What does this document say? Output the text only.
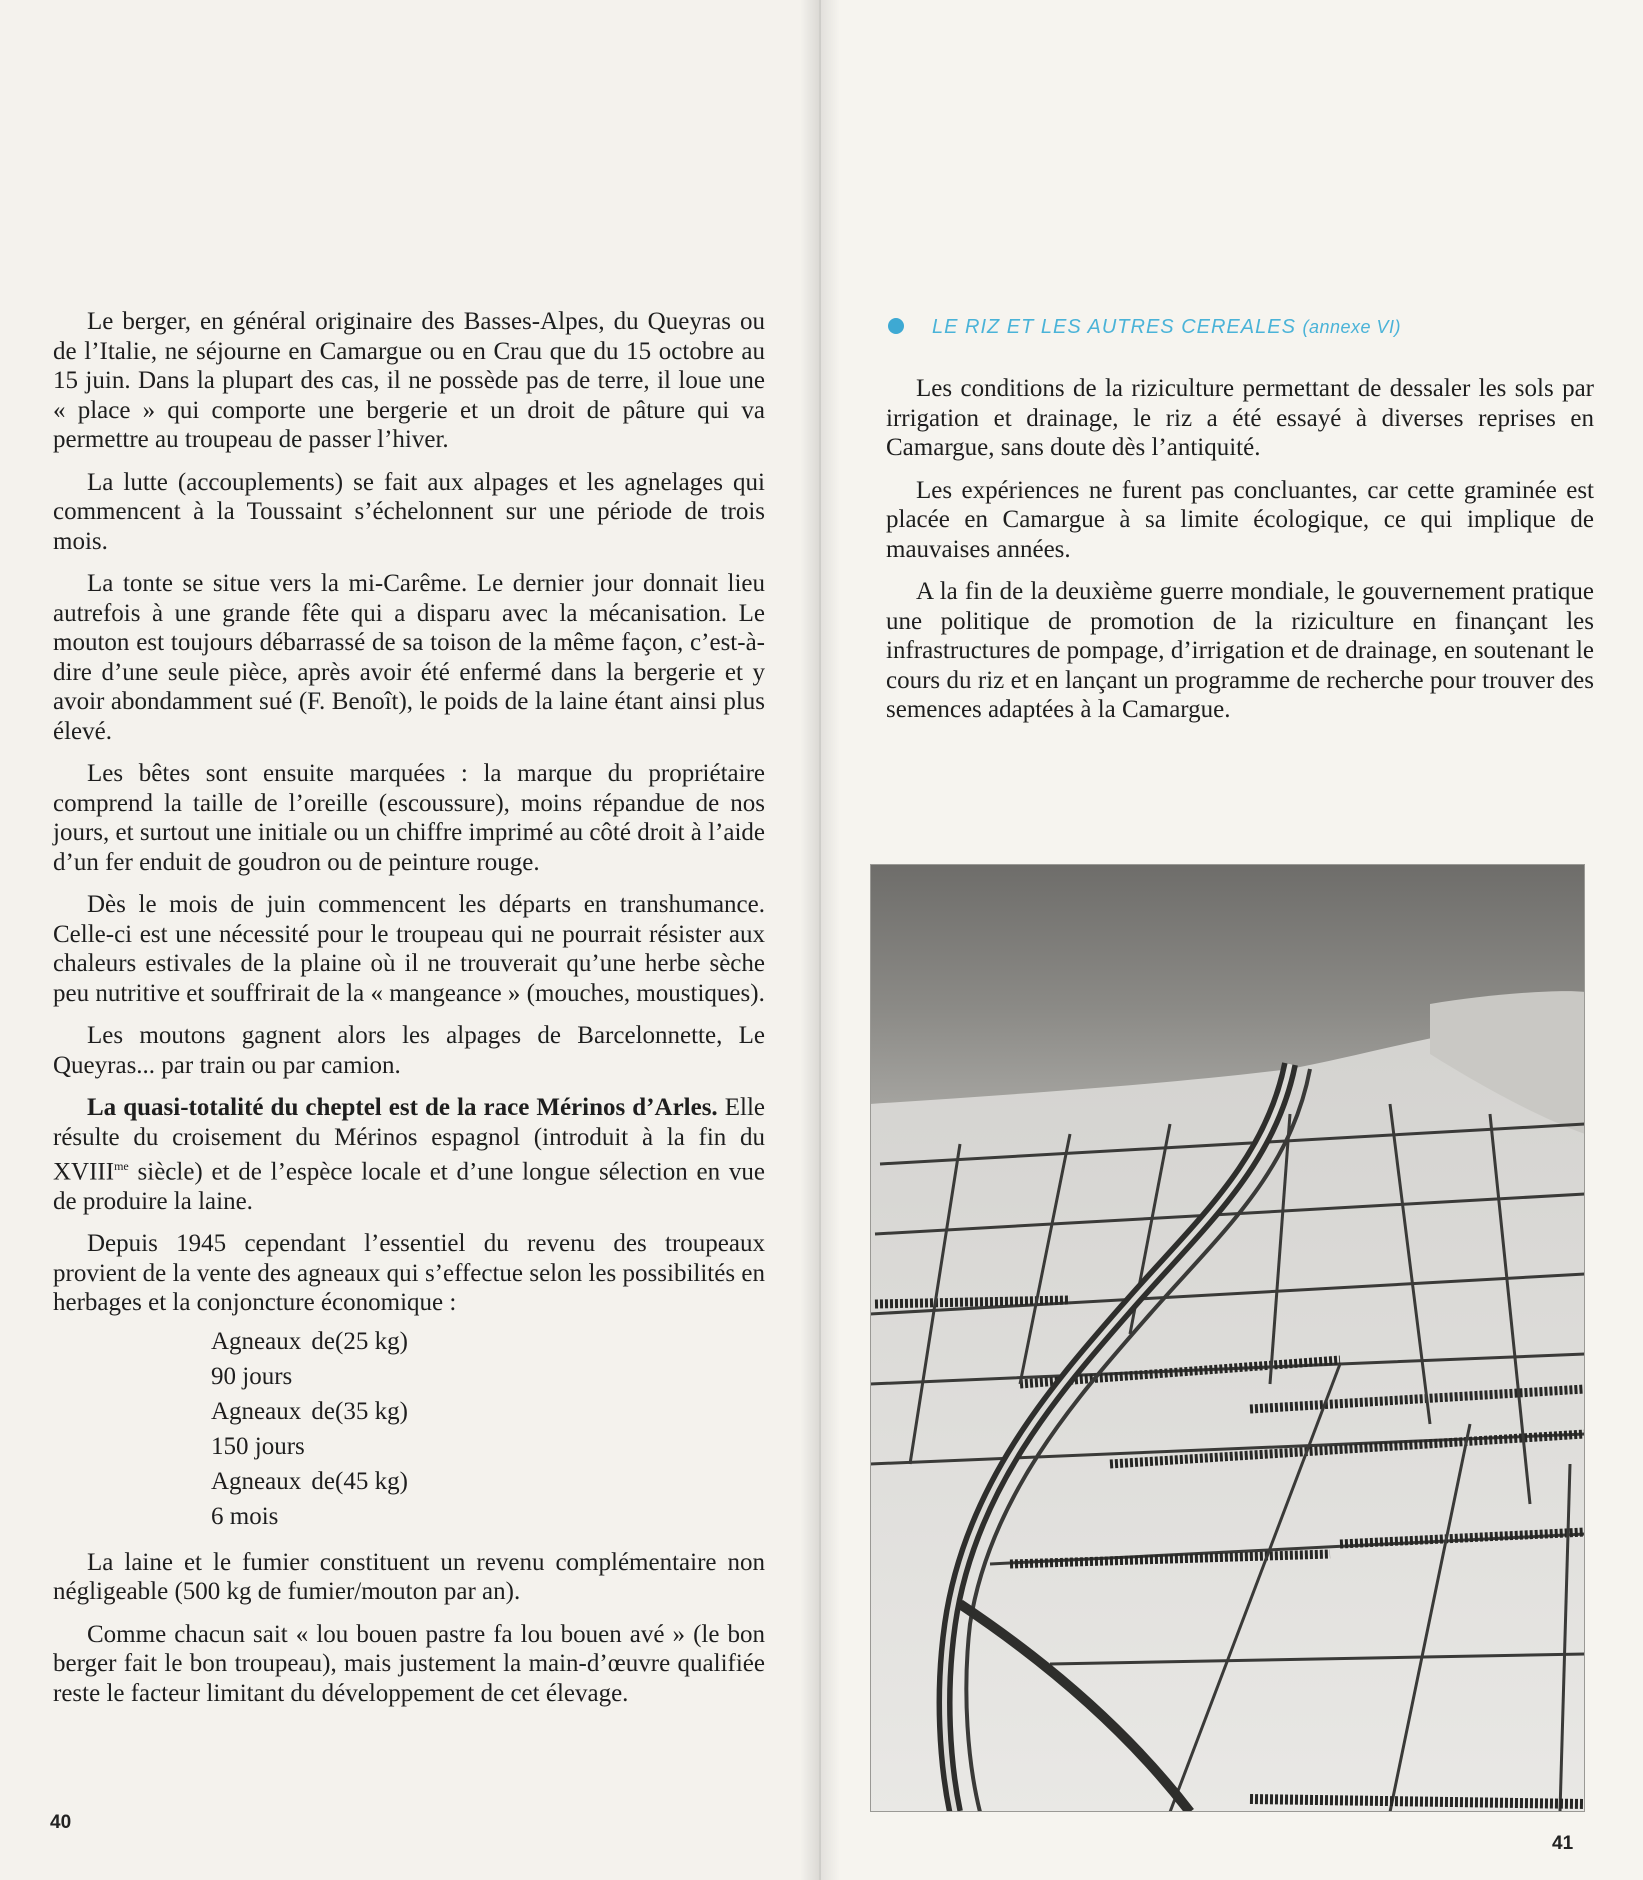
Le berger, en général originaire des Basses-Alpes, du Queyras ou de l’Italie, ne séjourne en Camargue ou en Crau que du 15 octobre au 15 juin. Dans la plupart des cas, il ne possède pas de terre, il loue une « place » qui comporte une bergerie et un droit de pâture qui va permettre au troupeau de passer l’hiver.

La lutte (accouplements) se fait aux alpages et les agnelages qui commencent à la Toussaint s’échelonnent sur une période de trois mois.

La tonte se situe vers la mi-Carême. Le dernier jour donnait lieu autrefois à une grande fête qui a disparu avec la mécanisation. Le mouton est toujours débarrassé de sa toison de la même façon, c’est-à-dire d’une seule pièce, après avoir été enfermé dans la bergerie et y avoir abondamment sué (F. Benoît), le poids de la laine étant ainsi plus élevé.

Les bêtes sont ensuite marquées : la marque du propriétaire comprend la taille de l’oreille (escoussure), moins répandue de nos jours, et surtout une initiale ou un chiffre imprimé au côté droit à l’aide d’un fer enduit de goudron ou de peinture rouge.

Dès le mois de juin commencent les départs en transhumance. Celle-ci est une nécessité pour le troupeau qui ne pourrait résister aux chaleurs estivales de la plaine où il ne trouverait qu’une herbe sèche peu nutritive et souffrirait de la « mangeance » (mouches, moustiques).

Les moutons gagnent alors les alpages de Barcelonnette, Le Queyras... par train ou par camion.

La quasi-totalité du cheptel est de la race Mérinos d’Arles. Elle résulte du croisement du Mérinos espagnol (introduit à la fin du $XVIII^{me}$ siècle) et de l’espèce locale et d’une longue sélection en vue de produire la laine.

Depuis 1945 cependant l’essentiel du revenu des troupeaux provient de la vente des agneaux qui s’effectue selon les possibilités en herbages et la conjoncture économique :

Agneaux de 90 jours
(25 kg)
Agneaux de 150 jours
(35 kg)
Agneaux de 6 mois
(45 kg)

La laine et le fumier constituent un revenu complémentaire non négligeable (500 kg de fumier/mouton par an).

Comme chacun sait « lou bouen pastre fa lou bouen avé » (le bon berger fait le bon troupeau), mais justement la main-d’œuvre qualifiée reste le facteur limitant du développement de cet élevage.

40
LE RIZ ET LES AUTRES CEREALES (annexe VI)

Les conditions de la riziculture permettant de dessaler les sols par irrigation et drainage, le riz a été essayé à diverses reprises en Camargue, sans doute dès l’antiquité.

Les expériences ne furent pas concluantes, car cette graminée est placée en Camargue à sa limite écologique, ce qui implique de mauvaises années.

A la fin de la deuxième guerre mondiale, le gouvernement pratique une politique de promotion de la riziculture en finançant les infrastructures de pompage, d’irrigation et de drainage, en soutenant le cours du riz et en lançant un programme de recherche pour trouver des semences adaptées à la Camargue.

41
